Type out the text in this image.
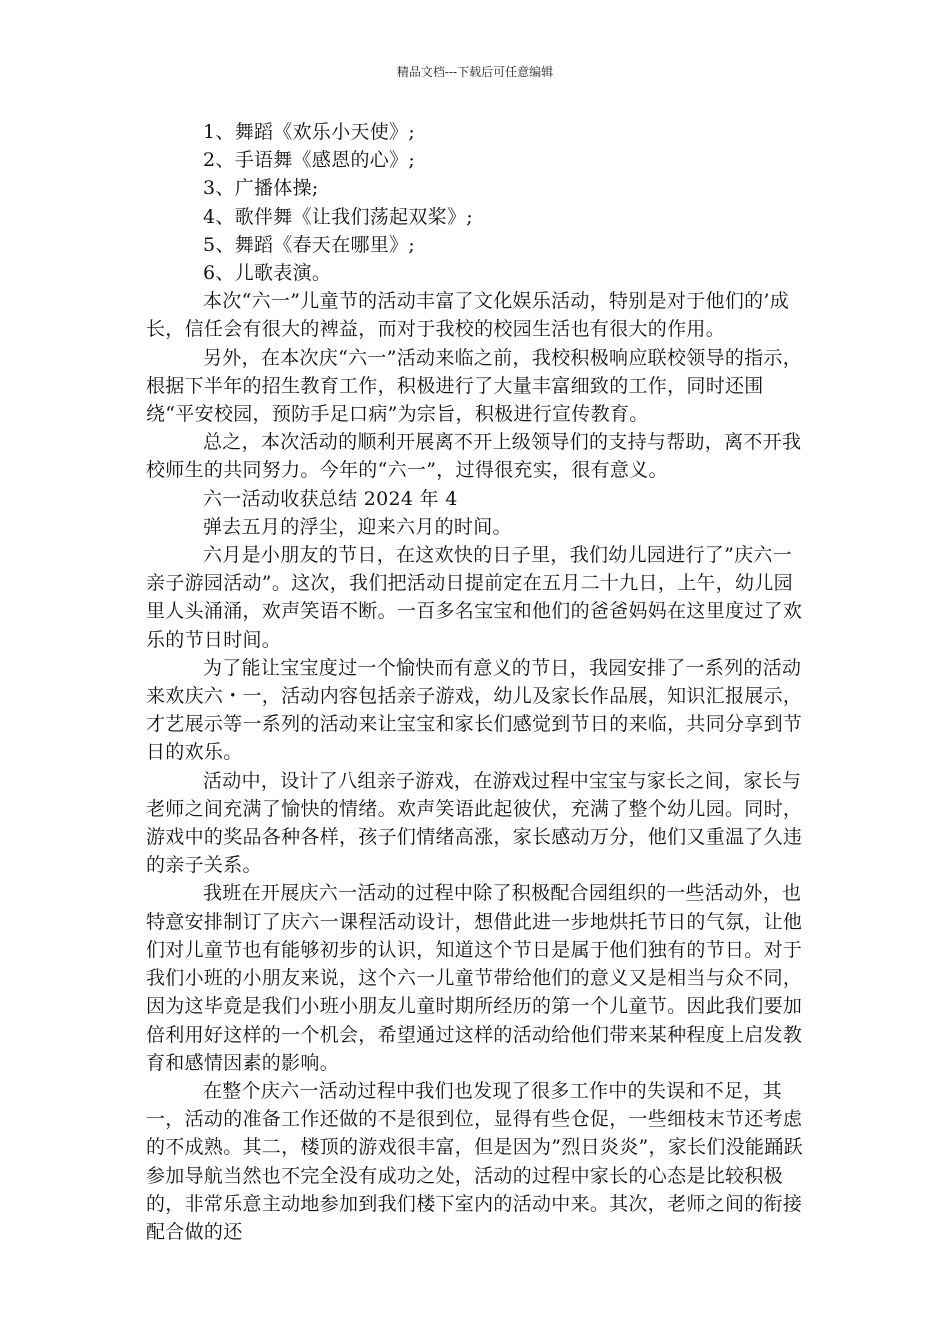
精品文档---下载后可任意编辑

1、舞蹈《欢乐小天使》;

2、手语舞《感恩的心》;

3、广播体操;

4、歌伴舞《让我们荡起双桨》;

5、舞蹈《春天在哪里》;

6、儿歌表演。

本次“六一”儿童节的活动丰富了文化娱乐活动，特别是对于他们的’成长，信任会有很大的裨益，而对于我校的校园生活也有很大的作用。

另外，在本次庆“六一”活动来临之前，我校积极响应联校领导的指示，根据下半年的招生教育工作，积极进行了大量丰富细致的工作，同时还围绕“平安校园，预防手足口病”为宗旨，积极进行宣传教育。

总之，本次活动的顺利开展离不开上级领导们的支持与帮助，离不开我校师生的共同努力。今年的“六一”，过得很充实，很有意义。

六一活动收获总结 2024 年 4

弹去五月的浮尘，迎来六月的时间。

六月是小朋友的节日，在这欢快的日子里，我们幼儿园进行了”庆六一亲子游园活动”。这次，我们把活动日提前定在五月二十九日，上午，幼儿园里人头涌涌，欢声笑语不断。一百多名宝宝和他们的爸爸妈妈在这里度过了欢乐的节日时间。

为了能让宝宝度过一个愉快而有意义的节日，我园安排了一系列的活动来欢庆六・一，活动内容包括亲子游戏，幼儿及家长作品展，知识汇报展示，才艺展示等一系列的活动来让宝宝和家长们感觉到节日的来临，共同分享到节日的欢乐。

活动中，设计了八组亲子游戏，在游戏过程中宝宝与家长之间，家长与老师之间充满了愉快的情绪。欢声笑语此起彼伏，充满了整个幼儿园。同时，游戏中的奖品各种各样，孩子们情绪高涨，家长感动万分，他们又重温了久违的亲子关系。

我班在开展庆六一活动的过程中除了积极配合园组织的一些活动外，也特意安排制订了庆六一课程活动设计，想借此进一步地烘托节日的气氛，让他们对儿童节也有能够初步的认识，知道这个节日是属于他们独有的节日。对于我们小班的小朋友来说，这个六一儿童节带给他们的意义又是相当与众不同，因为这毕竟是我们小班小朋友儿童时期所经历的第一个儿童节。因此我们要加倍利用好这样的一个机会，希望通过这样的活动给他们带来某种程度上启发教育和感情因素的影响。

在整个庆六一活动过程中我们也发现了很多工作中的失误和不足，其一，活动的准备工作还做的不是很到位，显得有些仓促，一些细枝末节还考虑的不成熟。其二，楼顶的游戏很丰富，但是因为”烈日炎炎”，家长们没能踊跃参加导航当然也不完全没有成功之处，活动的过程中家长的心态是比较积极的，非常乐意主动地参加到我们楼下室内的活动中来。其次，老师之间的衔接配合做的还
